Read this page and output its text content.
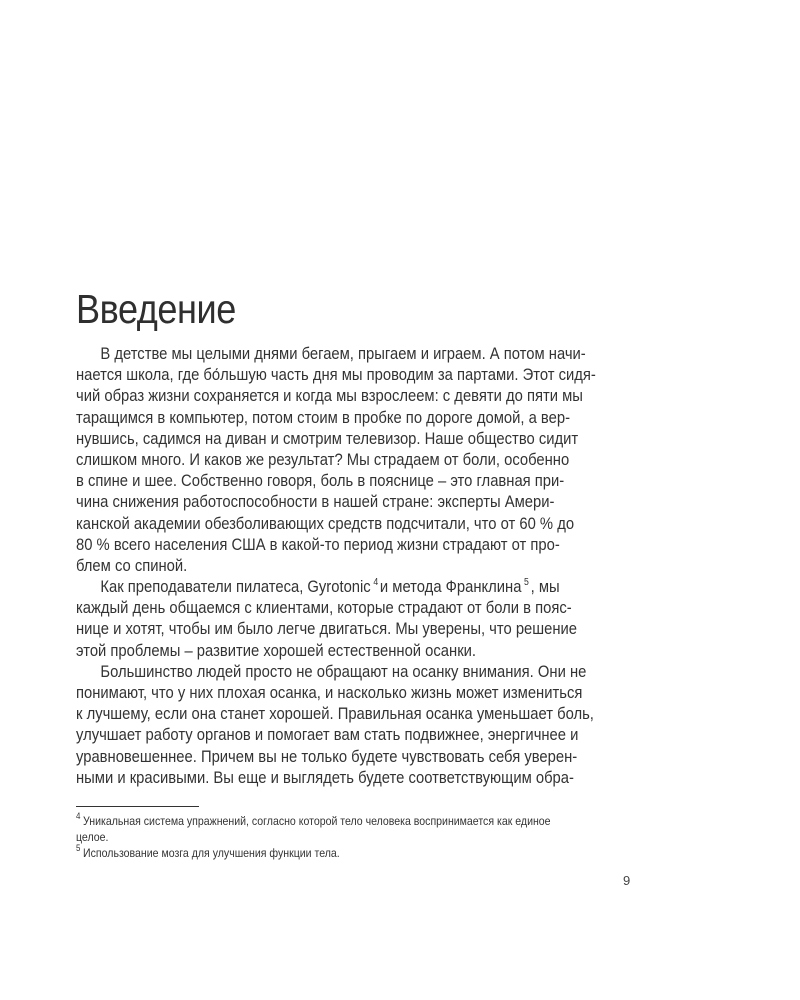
Введение
В детстве мы целыми днями бегаем, прыгаем и играем. А потом начи-
нается школа, где бо́льшую часть дня мы проводим за партами. Этот сидя-
чий образ жизни сохраняется и когда мы взрослеем: с девяти до пяти мы
таращимся в компьютер, потом стоим в пробке по дороге домой, а вер-
нувшись, садимся на диван и смотрим телевизор. Наше общество сидит
слишком много. И каков же результат? Мы страдаем от боли, особенно
в спине и шее. Собственно говоря, боль в пояснице – это главная при-
чина снижения работоспособности в нашей стране: эксперты Амери-
канской академии обезболивающих средств подсчитали, что от 60 % до
80 % всего населения США в какой-то период жизни страдают от про-
блем со спиной.
Как преподаватели пилатеса, Gyrotonic $^4$ и метода Франклина $^5$ , мы
каждый день общаемся с клиентами, которые страдают от боли в пояс-
нице и хотят, чтобы им было легче двигаться. Мы уверены, что решение
этой проблемы – развитие хорошей естественной осанки.
Большинство людей просто не обращают на осанку внимания. Они не
понимают, что у них плохая осанка, и насколько жизнь может измениться
к лучшему, если она станет хорошей. Правильная осанка уменьшает боль,
улучшает работу органов и помогает вам стать подвижнее, энергичнее и
уравновешеннее. Причем вы не только будете чувствовать себя уверен-
ными и красивыми. Вы еще и выглядеть будете соответствующим обра-
$^4$ Уникальная система упражнений, согласно которой тело человека воспринимается как единое
целое.
$^5$ Использование мозга для улучшения функции тела.
9
